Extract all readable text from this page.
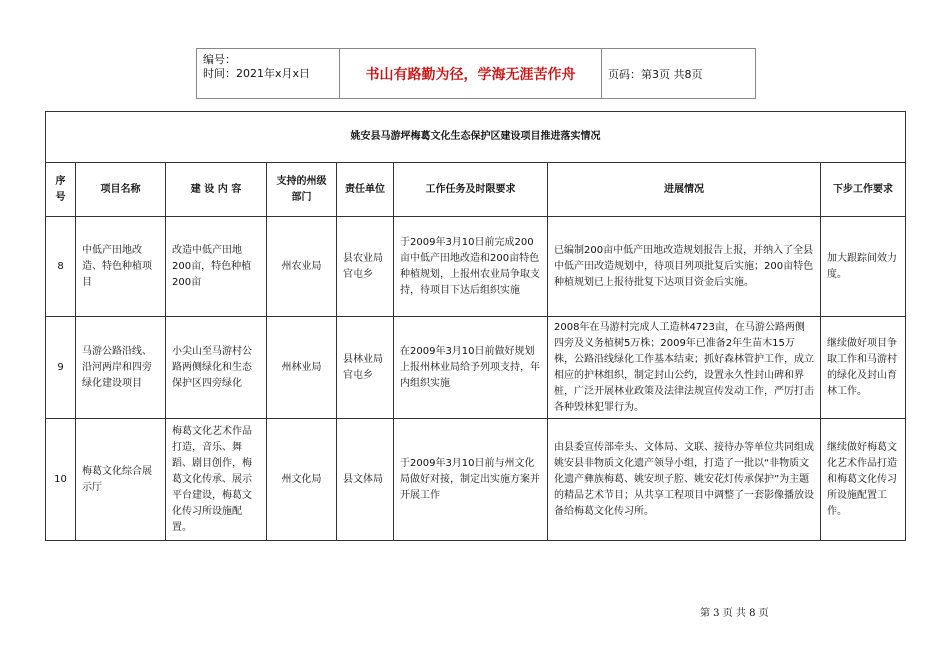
编号：
时间：2021年x月x日	书山有路勤为径，学海无涯苦作舟	页码：第3页 共8页
姚安县马游坪梅葛文化生态保护区建设项目推进落实情况							
序号	项目名称	建 设 内 容	支持的州级部门	责任单位	工作任务及时限要求	进展情况	下步工作要求
8	中低产田地改造、特色种植项目	改造中低产田地200亩，特色种植200亩	州农业局	县农业局官屯乡	于2009年3月10日前完成200亩中低产田地改造和200亩特色种植规划，上报州农业局争取支持，待项目下达后组织实施	已编制200亩中低产田地改造规划报告上报，并纳入了全县中低产田改造规划中，待项目列项批复后实施；200亩特色种植规划已上报待批复下达项目资金后实施。	加大跟踪间效力度。
9	马游公路沿线、沿河两岸和四旁绿化建设项目	小尖山至马游村公路两侧绿化和生态保护区四旁绿化	州林业局	县林业局官屯乡	在2009年3月10日前做好规划上报州林业局给予列项支持，年内组织实施	2008年在马游村完成人工造林4723亩，在马游公路两侧四旁及义务植树5万株；2009年已准备2年生苗木15万株，公路沿线绿化工作基本结束；抓好森林管护工作，成立相应的护林组织，制定封山公约，设置永久性封山碑和界桩，广泛开展林业政策及法律法规宣传发动工作，严厉打击各种毁林犯罪行为。	继续做好项目争取工作和马游村的绿化及封山育林工作。
10	梅葛文化综合展示厅	梅葛文化艺术作品打造，音乐、舞蹈、剧目创作，梅葛文化传承、展示平台建设，梅葛文化传习所设施配置。	州文化局	县文体局	于2009年3月10日前与州文化局做好对接，制定出实施方案并开展工作	由县委宣传部牵头、文体局、文联、接待办等单位共同组成姚安县非物质文化遗产领导小组，打造了一批以“非物质文化遗产彝族梅葛、姚安坝子腔、姚安花灯传承保护”为主题的精品艺术节目；从共享工程项目中调整了一套影像播放设备给梅葛文化传习所。	继续做好梅葛文化艺术作品打造和梅葛文化传习所设施配置工作。
第 3 页 共 8 页
